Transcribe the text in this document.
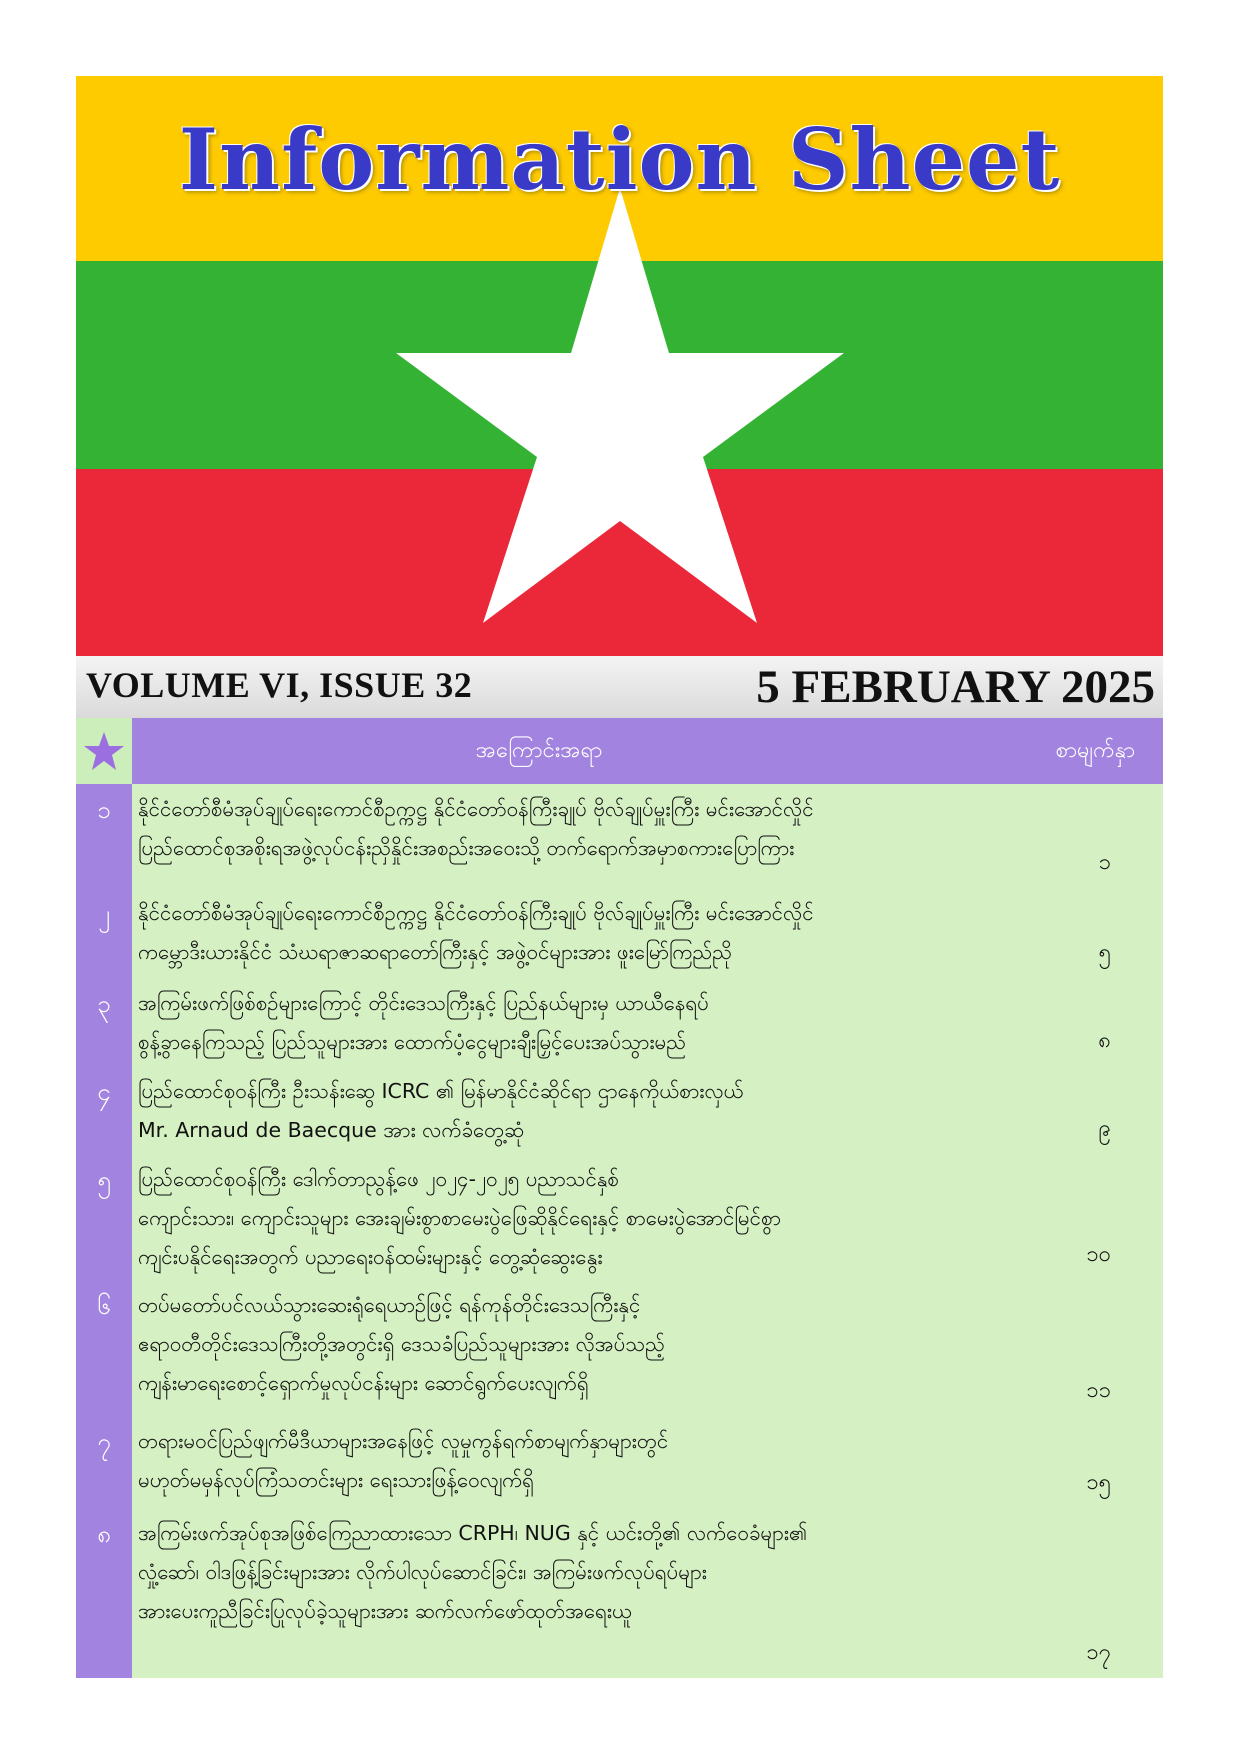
Information Sheet
VOLUME VI, ISSUE 32	5 FEBRUARY 2025
အကြောင်းအရာ	စာမျက်နှာ
၁	နိုင်ငံတော်စီမံအုပ်ချုပ်ရေးကောင်စီဥက္ကဋ္ဌ နိုင်ငံတော်ဝန်ကြီးချုပ် ဗိုလ်ချုပ်မှူးကြီး မင်းအောင်လှိုင်
ပြည်ထောင်စုအစိုးရအဖွဲ့လုပ်ငန်းညှိနှိုင်းအစည်းအဝေးသို့ တက်ရောက်အမှာစကားပြောကြား
၁
၂	နိုင်ငံတော်စီမံအုပ်ချုပ်ရေးကောင်စီဥက္ကဋ္ဌ နိုင်ငံတော်ဝန်ကြီးချုပ် ဗိုလ်ချုပ်မှူးကြီး မင်းအောင်လှိုင်
ကမ္ဘောဒီးယားနိုင်ငံ သံဃရာဇာဆရာတော်ကြီးနှင့် အဖွဲ့ဝင်များအား ဖူးမြော်ကြည်ညို	၅
၃	အကြမ်းဖက်ဖြစ်စဉ်များကြောင့် တိုင်းဒေသကြီးနှင့် ပြည်နယ်များမှ ယာယီနေရပ်
စွန့်ခွာနေကြသည့် ပြည်သူများအား ထောက်ပံ့ငွေများချီးမြှင့်ပေးအပ်သွားမည်	၈
၄	ပြည်ထောင်စုဝန်ကြီး ဦးသန်းဆွေ ICRC ၏ မြန်မာနိုင်ငံဆိုင်ရာ ဌာနေကိုယ်စားလှယ်
Mr. Arnaud de Baecque အား လက်ခံတွေ့ဆုံ	၉
၅	ပြည်ထောင်စုဝန်ကြီး ဒေါက်တာညွန့်ဖေ ၂၀၂၄-၂၀၂၅ ပညာသင်နှစ်
ကျောင်းသား၊ ကျောင်းသူများ အေးချမ်းစွာစာမေးပွဲဖြေဆိုနိုင်ရေးနှင့် စာမေးပွဲအောင်မြင်စွာ
ကျင်းပနိုင်ရေးအတွက် ပညာရေးဝန်ထမ်းများနှင့် တွေ့ဆုံဆွေးနွေး	၁၀
၆	တပ်မတော်ပင်လယ်သွားဆေးရုံရေယာဉ်ဖြင့် ရန်ကုန်တိုင်းဒေသကြီးနှင့်
ဧရာဝတီတိုင်းဒေသကြီးတို့အတွင်းရှိ ဒေသခံပြည်သူများအား လိုအပ်သည့်
ကျန်းမာရေးစောင့်ရှောက်မှုလုပ်ငန်းများ ဆောင်ရွက်ပေးလျက်ရှိ	၁၁
၇	တရားမဝင်ပြည်ဖျက်မီဒီယာများအနေဖြင့် လူမှုကွန်ရက်စာမျက်နှာများတွင်
မဟုတ်မမှန်လုပ်ကြံသတင်းများ ရေးသားဖြန့်ဝေလျက်ရှိ	၁၅
၈	အကြမ်းဖက်အုပ်စုအဖြစ်ကြေညာထားသော CRPH၊ NUG နှင့် ယင်းတို့၏ လက်ဝေခံများ၏
လှုံ့ဆော်၊ ဝါဒဖြန့်ခြင်းများအား လိုက်ပါလုပ်ဆောင်ခြင်း၊ အကြမ်းဖက်လုပ်ရပ်များ
အားပေးကူညီခြင်းပြုလုပ်ခဲ့သူများအား ဆက်လက်ဖော်ထုတ်အရေးယူ
၁၇
